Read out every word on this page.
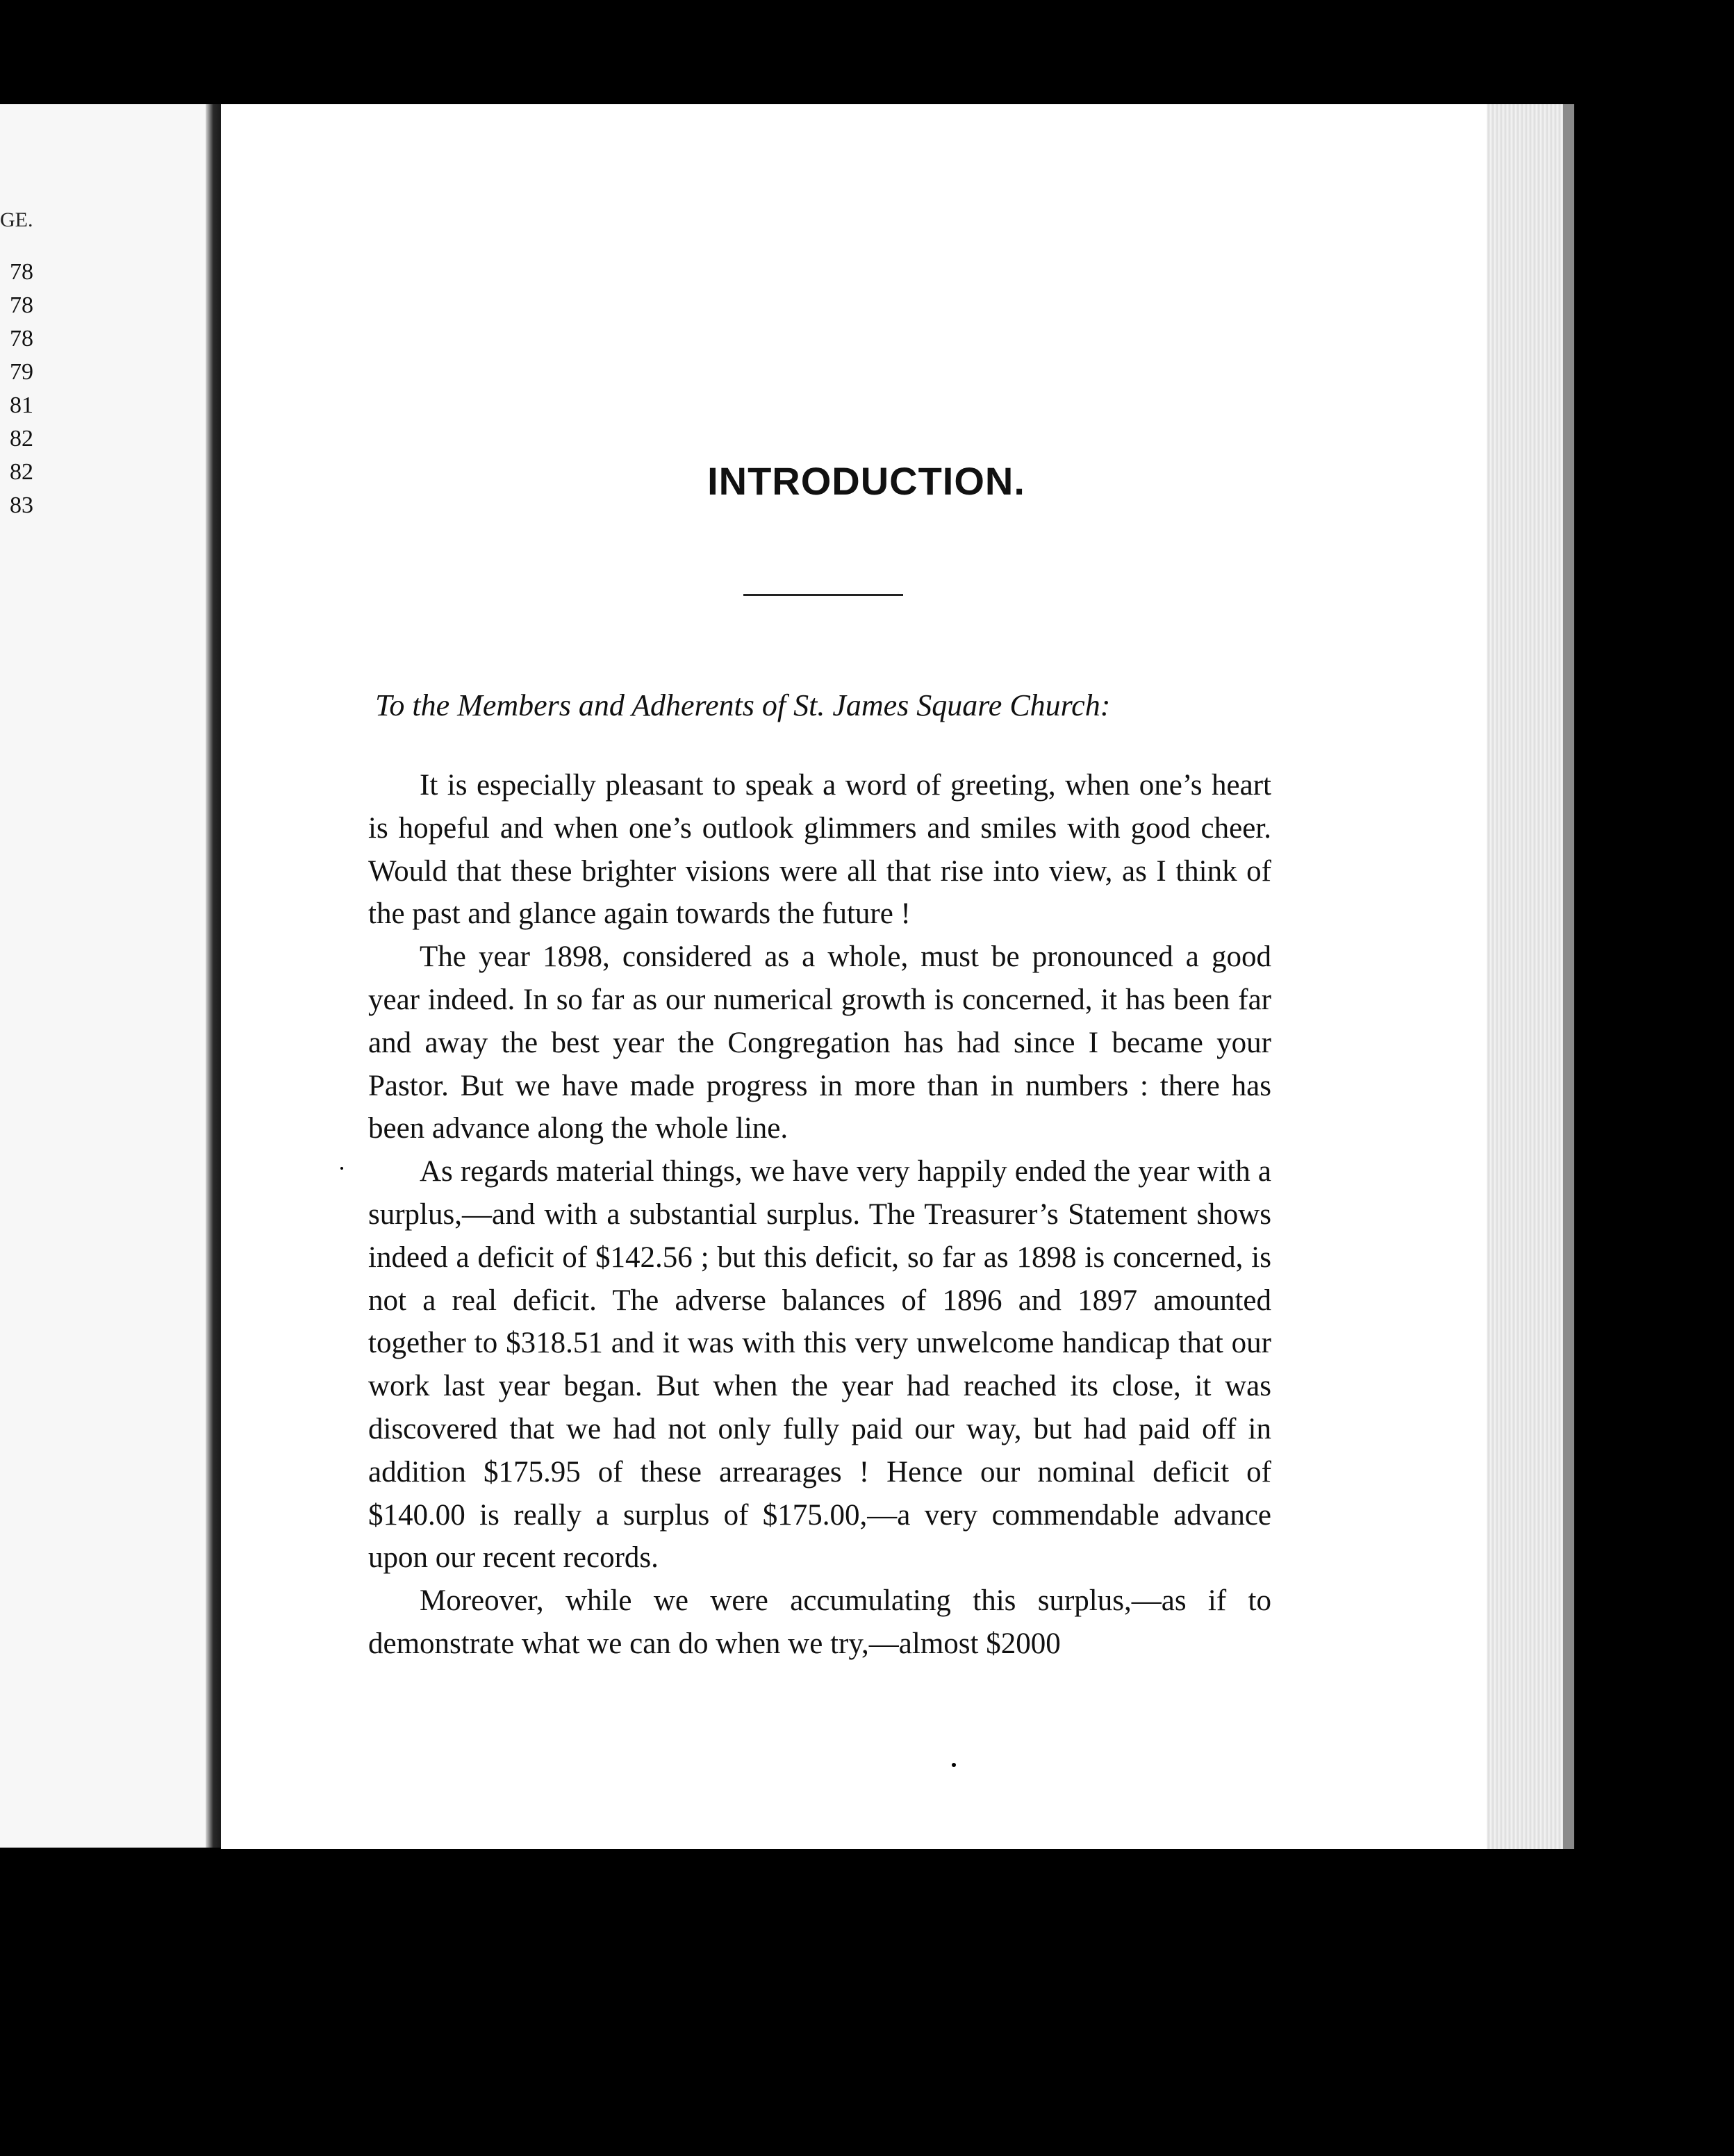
GE.
78
78
78
79
81
82
82
83
INTRODUCTION.
To the Members and Adherents of St. James Square Church:

It is especially pleasant to speak a word of greeting, when one’s heart is hopeful and when one’s outlook glimmers and smiles with good cheer. Would that these brighter visions were all that rise into view, as I think of the past and glance again towards the future !

The year 1898, considered as a whole, must be pronounced a good year indeed. In so far as our numerical growth is concerned, it has been far and away the best year the Congregation has had since I became your Pastor. But we have made progress in more than in numbers : there has been advance along the whole line.

As regards material things, we have very happily ended the year with a surplus,—and with a substantial surplus. The Treasurer’s Statement shows indeed a deficit of $142.56 ; but this deficit, so far as 1898 is concerned, is not a real deficit. The adverse balances of 1896 and 1897 amounted together to $318.51 and it was with this very unwelcome handicap that our work last year began. But when the year had reached its close, it was discovered that we had not only fully paid our way, but had paid off in addition $175.95 of these arrearages ! Hence our nominal deficit of $140.00 is really a surplus of $175.00,—a very commendable advance upon our recent records.

Moreover, while we were accumulating this surplus,—as if to demonstrate what we can do when we try,—almost $2000
